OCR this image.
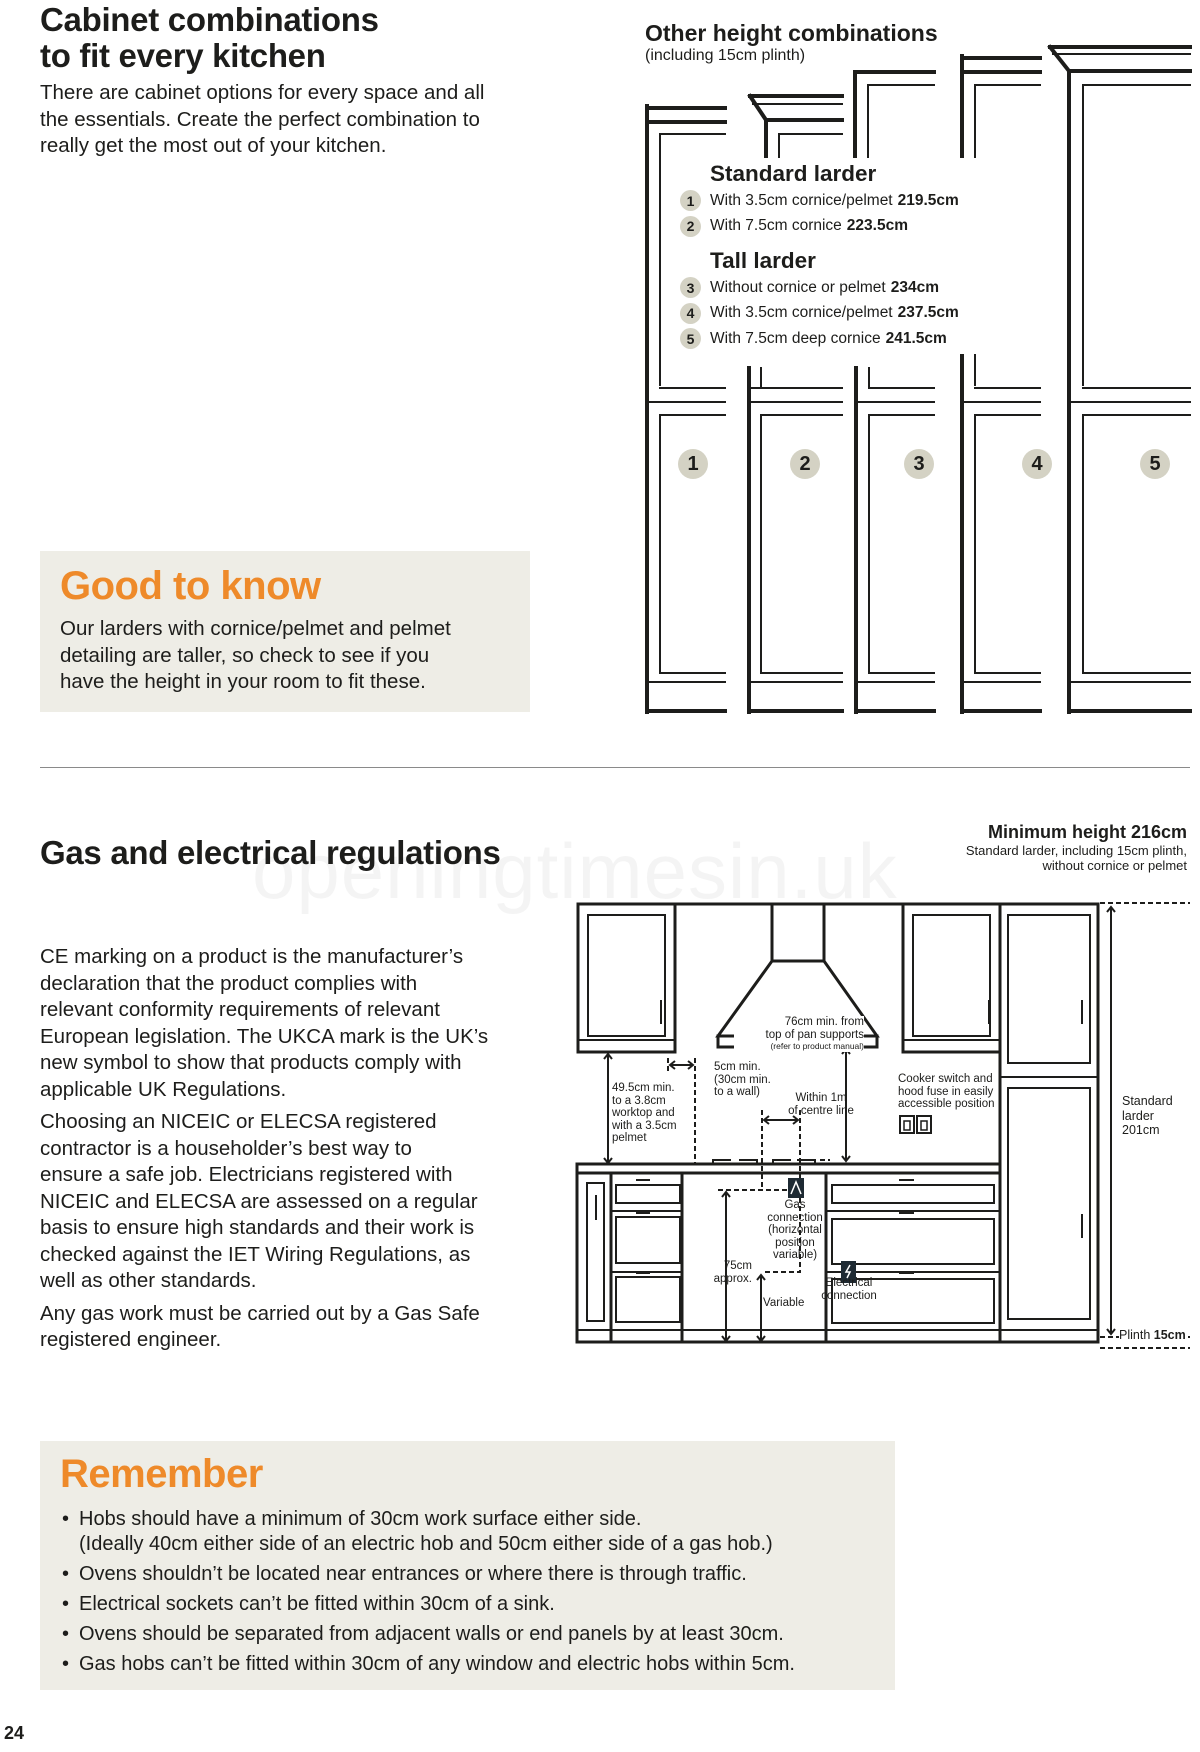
Cabinet combinations
to fit every kitchen
There are cabinet options for every space and all
the essentials. Create the perfect combination to
really get the most out of your kitchen.
Other height combinations
(including 15cm plinth)
Standard larder
1	With 3.5cm cornice/pelmet 219.5cm
2	With 7.5cm cornice 223.5cm
Tall larder
3	Without cornice or pelmet 234cm
4	With 3.5cm cornice/pelmet 237.5cm
5	With 7.5cm deep cornice 241.5cm
1	2	3	4	5
Good to know
Our larders with cornice/pelmet and pelmet
detailing are taller, so check to see if you
have the height in your room to fit these.
Gas and electrical regulations
Minimum height 216cm
Standard larder, including 15cm plinth,
without cornice or pelmet
CE marking on a product is the manufacturer’s
declaration that the product complies with
relevant conformity requirements of relevant
European legislation. The UKCA mark is the UK’s
new symbol to show that products comply with
applicable UK Regulations.
Choosing an NICEIC or ELECSA registered
contractor is a householder’s best way to
ensure a safe job. Electricians registered with
NICEIC and ELECSA are assessed on a regular
basis to ensure high standards and their work is
checked against the IET Wiring Regulations, as
well as other standards.
Any gas work must be carried out by a Gas Safe
registered engineer.
76cm min. from
top of pan supports
(refer to product manual)
5cm min.
(30cm min.
to a wall)
49.5cm min.
to a 3.8cm
worktop and
with a 3.5cm
pelmet
Within 1m
of centre line
Cooker switch and
hood fuse in easily
accessible position	Standard
larder
201cm
Gas
connection
(horizontal
position
variable)
75cm
approx.
Variable
Electrical
connection
Plinth 15cm
Remember
• Hobs should have a minimum of 30cm work surface either side.
(Ideally 40cm either side of an electric hob and 50cm either side of a gas hob.)
• Ovens shouldn’t be located near entrances or where there is through traffic.
• Electrical sockets can’t be fitted within 30cm of a sink.
• Ovens should be separated from adjacent walls or end panels by at least 30cm.
• Gas hobs can’t be fitted within 30cm of any window and electric hobs within 5cm.
24
